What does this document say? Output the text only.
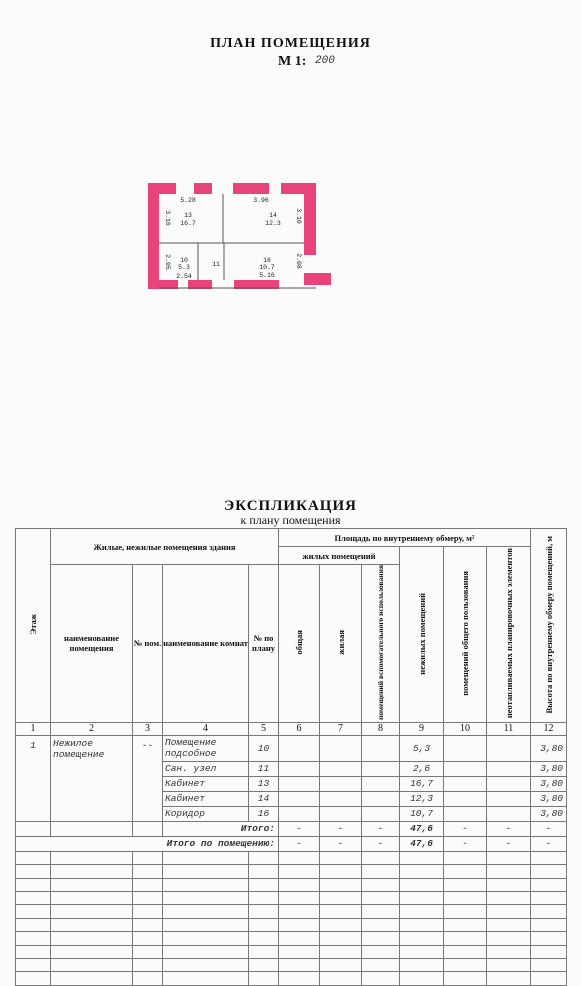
ПЛАН ПОМЕЩЕНИЯ
М 1: 200
5.28
13
16.7
3.16
3.96
14
12.3 3.10
10
5.3
2.05
2.54
11
16
10.7
5.16
2.08
ЭКСПЛИКАЦИЯ
к плану помещения
Этаж	Жилые, нежилые помещения здания				Площадь по внутреннему обмеру, м²						Высота по внутреннему обмеру помещений, м
					жилых помещений			нежилых помещений	помещений общего пользования	неотапливаемых планировочных элементов	
	наименование помещения	№ пом.	наименование комнат	№ по плану	общая	жилая	помещений вспомогательного использования				
1	2	3	4	5	6	7	8	9	10	11	12
1	Нежилое помещение	--	Помещение подсобное	10				5,3			3,80
			Сан. узел	11				2,6			3,80
			Кабинет	13				16,7			3,80
			Кабинет	14				12,3			3,80
			Коридор	16				10,7			3,80
			Итого:		-	-	-	47,6	-	-	-
Итого по помещению:					-	-	-	47,6	-	-	-
